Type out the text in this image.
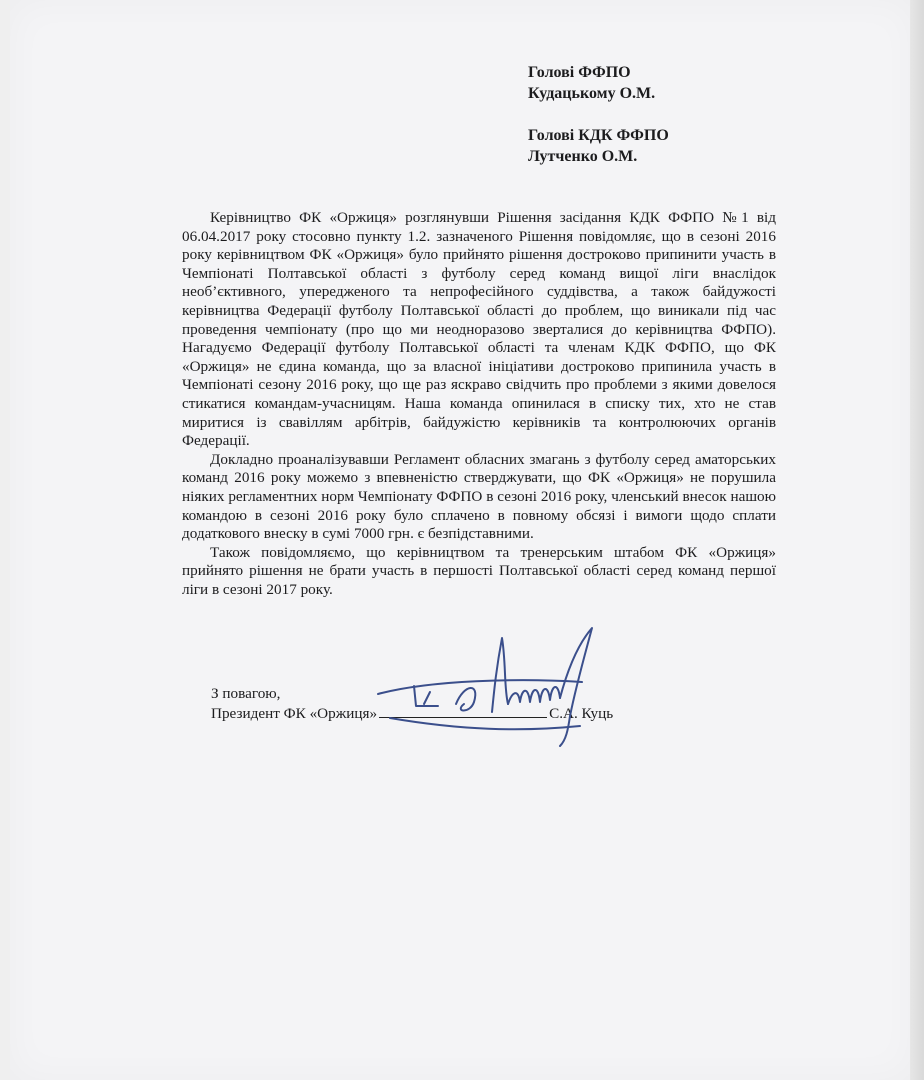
Голові ФФПО
Кудацькому О.М.
Голові КДК ФФПО
Лутченко О.М.

Керівництво ФК «Оржиця» розглянувши Рішення засідання КДК ФФПО №1 від 06.04.2017 року стосовно пункту 1.2. зазначеного Рішення повідомляє, що в сезоні 2016 року керівництвом ФК «Оржиця» було прийнято рішення достроково припинити участь в Чемпіонаті Полтавської області з футболу серед команд вищої ліги внаслідок необ’єктивного, упередженого та непрофесійного суддівства, а також байдужості керівництва Федерації футболу Полтавської області до проблем, що виникали під час проведення чемпіонату (про що ми неодноразово зверталися до керівництва ФФПО). Нагадуємо Федерації футболу Полтавської області та членам КДК ФФПО, що ФК «Оржиця» не єдина команда, що за власної ініціативи достроково припинила участь в Чемпіонаті сезону 2016 року, що ще раз яскраво свідчить про проблеми з якими довелося стикатися командам-учасницям. Наша команда опинилася в списку тих, хто не став миритися із свавіллям арбітрів, байдужістю керівників та контролюючих органів Федерації.

Докладно проаналізувавши Регламент обласних змагань з футболу серед аматорських команд 2016 року можемо з впевненістю стверджувати, що ФК «Оржиця» не порушила ніяких регламентних норм Чемпіонату ФФПО в сезоні 2016 року, членський внесок нашою командою в сезоні 2016 року було сплачено в повному обсязі і вимоги щодо сплати додаткового внеску в сумі 7000 грн. є безпідставними.

Також повідомляємо, що керівництвом та тренерським штабом ФК «Оржиця» прийнято рішення не брати участь в першості Полтавської області серед команд першої ліги в сезоні 2017 року.

З повагою,
Президент ФК «Оржиця»	С.А. Куць
